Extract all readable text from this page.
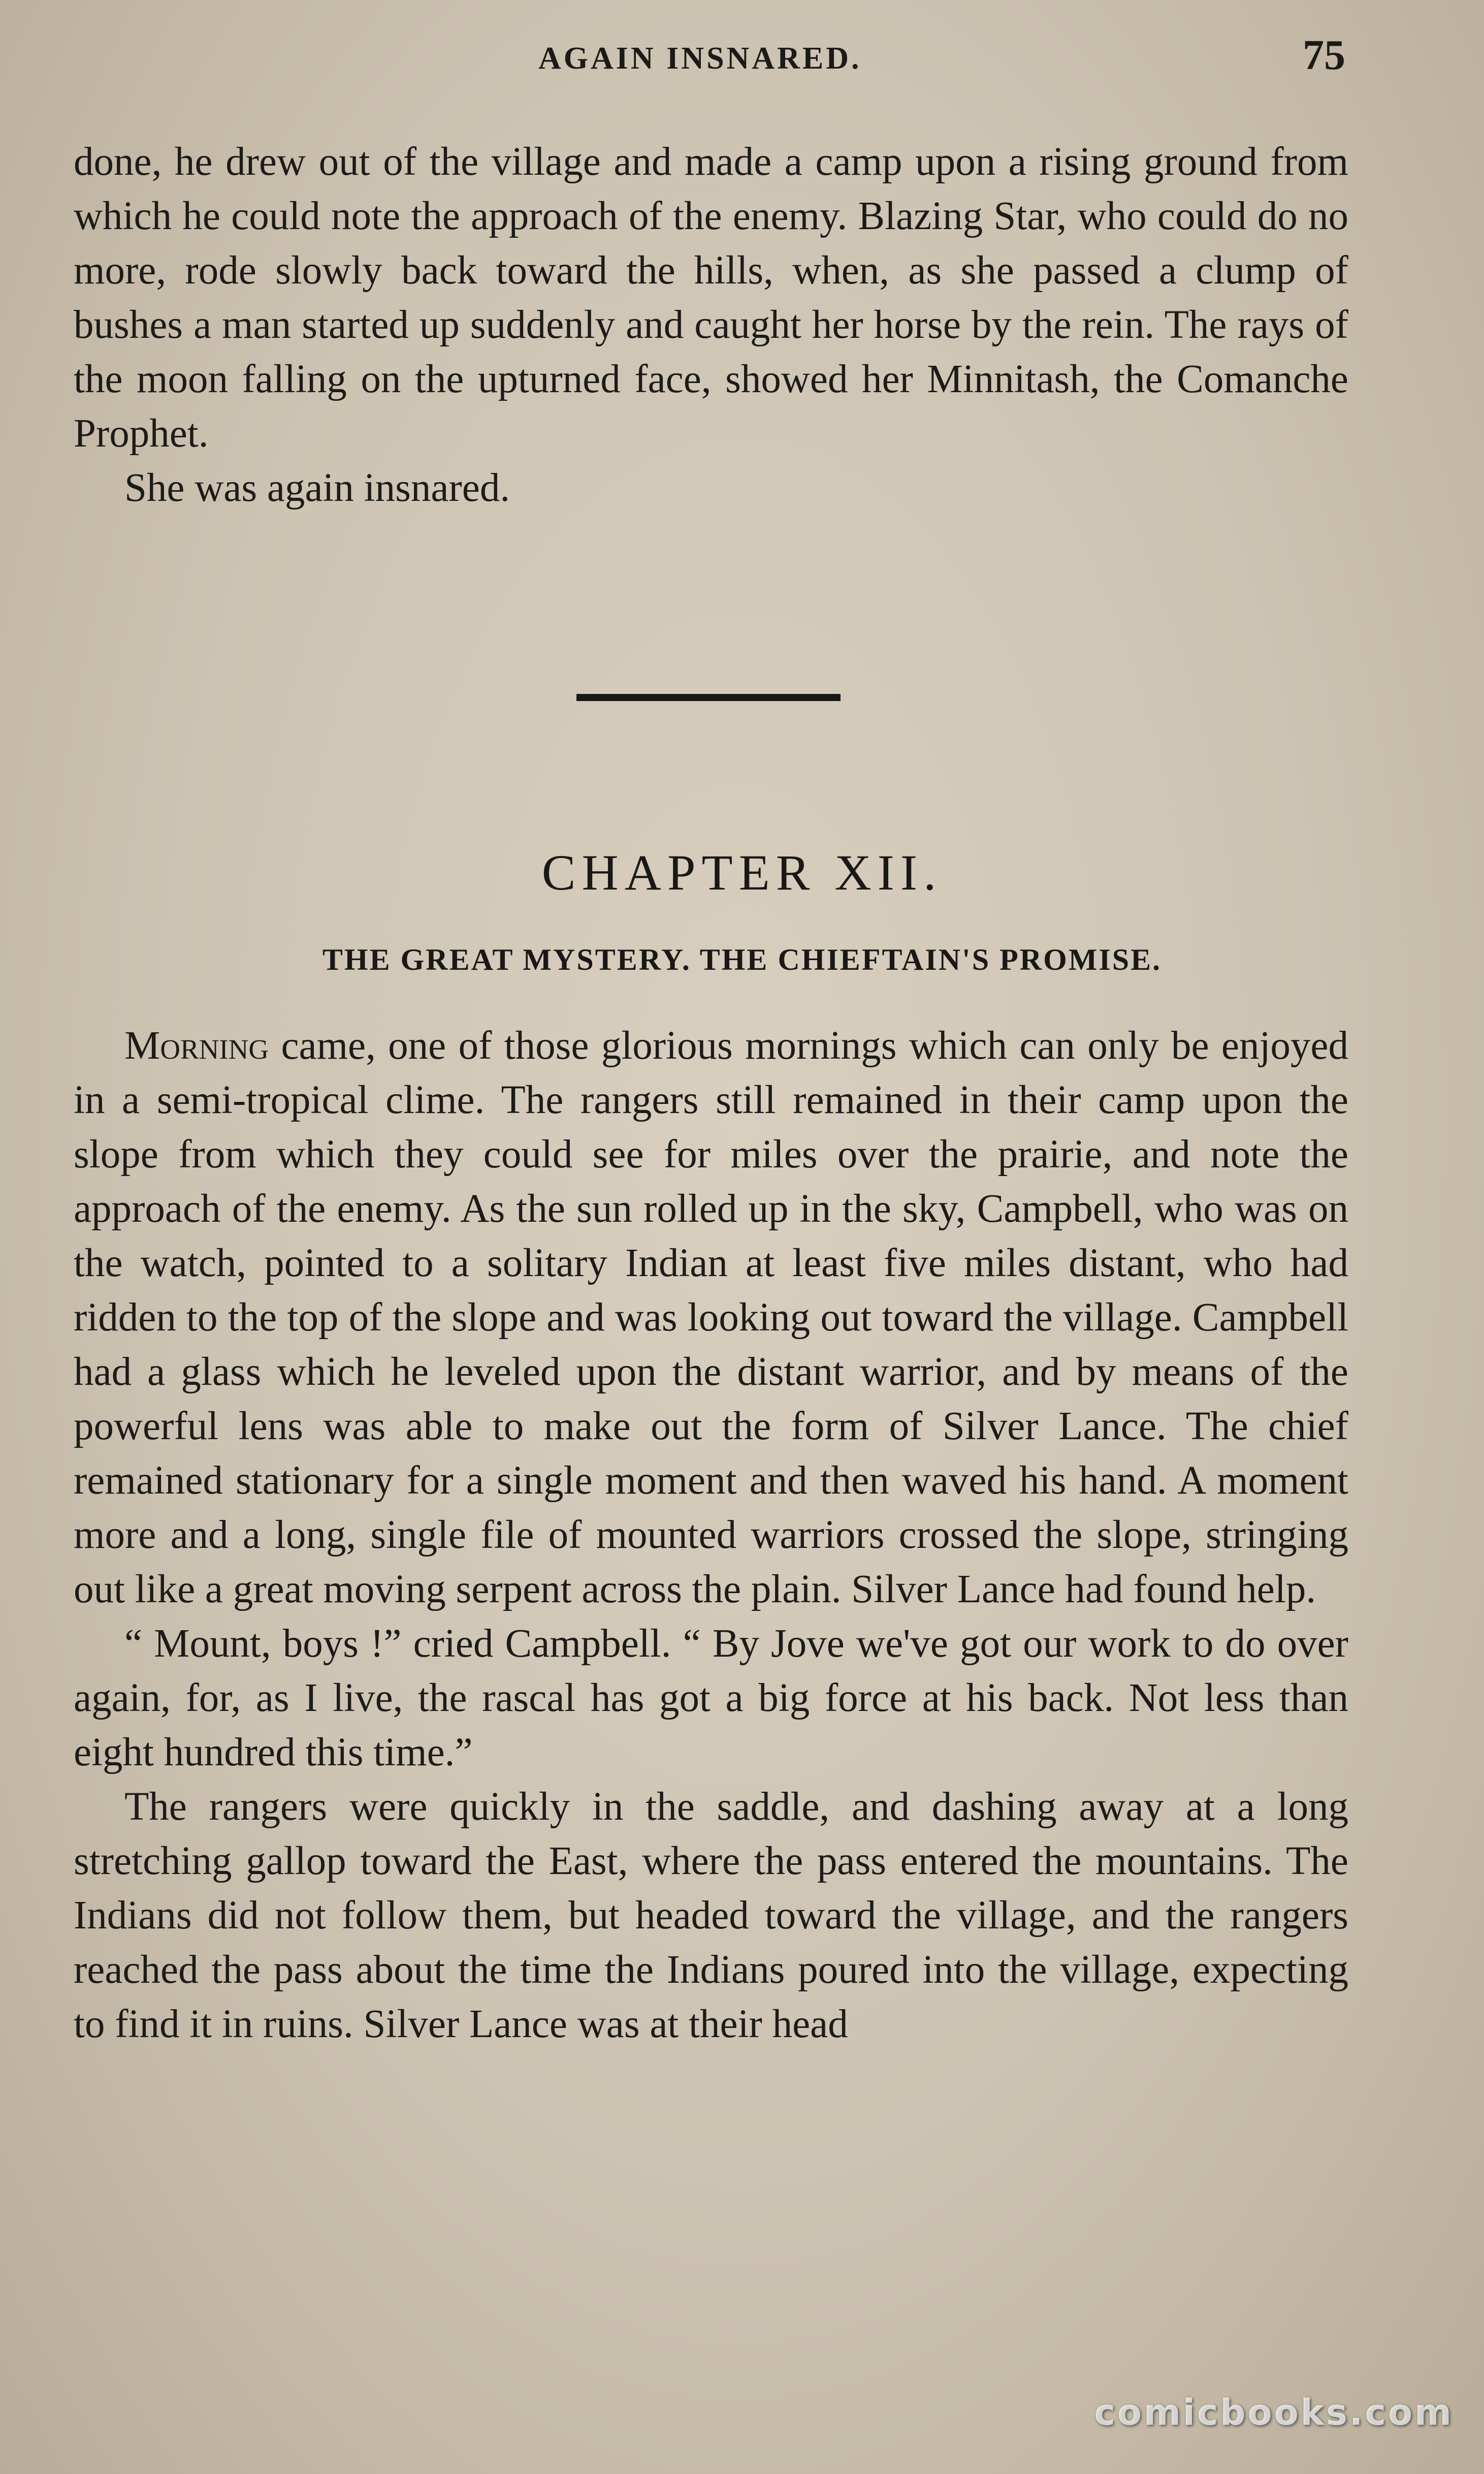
AGAIN INSNARED.	75

done, he drew out of the village and made a camp upon a rising ground from which he could note the approach of the enemy. Blazing Star, who could do no more, rode slowly back toward the hills, when, as she passed a clump of bushes a man started up suddenly and caught her horse by the rein. The rays of the moon falling on the upturned face, showed her Minnitash, the Comanche Prophet.

She was again insnared.

CHAPTER XII.
THE GREAT MYSTERY. THE CHIEFTAIN'S PROMISE.

Morning came, one of those glorious mornings which can only be enjoyed in a semi-tropical clime. The rangers still remained in their camp upon the slope from which they could see for miles over the prairie, and note the approach of the enemy. As the sun rolled up in the sky, Campbell, who was on the watch, pointed to a solitary Indian at least five miles distant, who had ridden to the top of the slope and was looking out toward the village. Campbell had a glass which he leveled upon the distant warrior, and by means of the powerful lens was able to make out the form of Silver Lance. The chief remained stationary for a single moment and then waved his hand. A moment more and a long, single file of mounted warriors crossed the slope, stringing out like a great moving serpent across the plain. Silver Lance had found help.

“ Mount, boys !” cried Campbell. “ By Jove we've got our work to do over again, for, as I live, the rascal has got a big force at his back. Not less than eight hundred this time.”

The rangers were quickly in the saddle, and dashing away at a long stretching gallop toward the East, where the pass entered the mountains. The Indians did not follow them, but headed toward the village, and the rangers reached the pass about the time the Indians poured into the village, expecting to find it in ruins. Silver Lance was at their head

comicbooks.com
